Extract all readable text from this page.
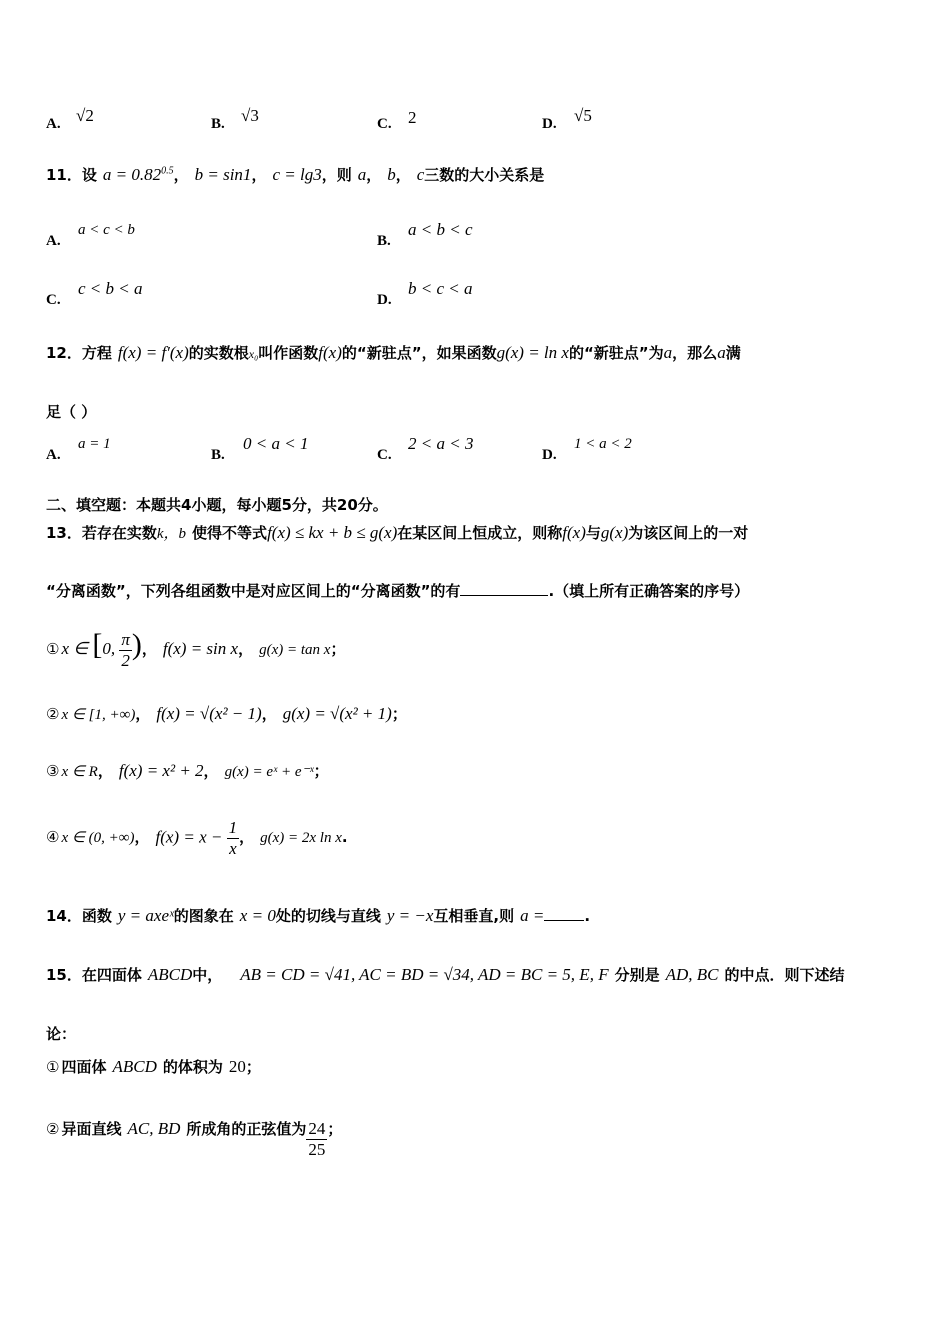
A. √2	B. √3	C. 2	D. √5
11．设 $a = 0.82^{0.5}$ ， b = sin1 ， c = lg3 ，则 a ， b ， c 三数的大小关系是
A.
a < c < b
B.
a < b < c
C.
c < b < a
D.
b < c < a
12．方程 f(x) = f′(x) 的实数根 x₀ 叫作函数 f(x) 的“新驻点”，如果函数 g(x) = ln x 的“新驻点”为 a ，那么 a 满
足（ ）
A.
a = 1
B.
0 < a < 1
C.
2 < a < 3
D.
1 < a < 2
二、填空题：本题共4小题，每小题5分，共20分。
13．若存在实数 k，b 使得不等式 f(x) ≤ kx + b ≤ g(x) 在某区间上恒成立，则称 f(x) 与 g(x) 为该区间上的一对
“分离函数”，下列各组函数中是对应区间上的“分离函数”的有	.（填上所有正确答案的序号）
① x ∈ [0, $\frac{\pi}{2}$ ) ， f(x) = sin x ， g(x) = tan x ；
② x ∈ [1, +∞) ， f(x) = √(x² − 1) ， g(x) = √(x² + 1) ；
③ x ∈ R ， f(x) = x² + 2 ， g(x) = eˣ + e⁻ˣ ；
④ x ∈ (0, +∞) ， $f(x) = x - \frac{1}{x}$ ， g(x) = 2x ln x .
14．函数 y = axeˣ 的图象在 x = 0 处的切线与直线 y = −x 互相垂直,则 a =	.
15．在四面体 ABCD 中， AB = CD = √41, AC = BD = √34, AD = BC = 5, E, F 分别是 AD, BC 的中点．则下述结
论：
① 四面体 ABCD 的体积为 20 ；
② 异面直线 AC, BD 所成角的正弦值为 $\frac{24}{25}$ ；
